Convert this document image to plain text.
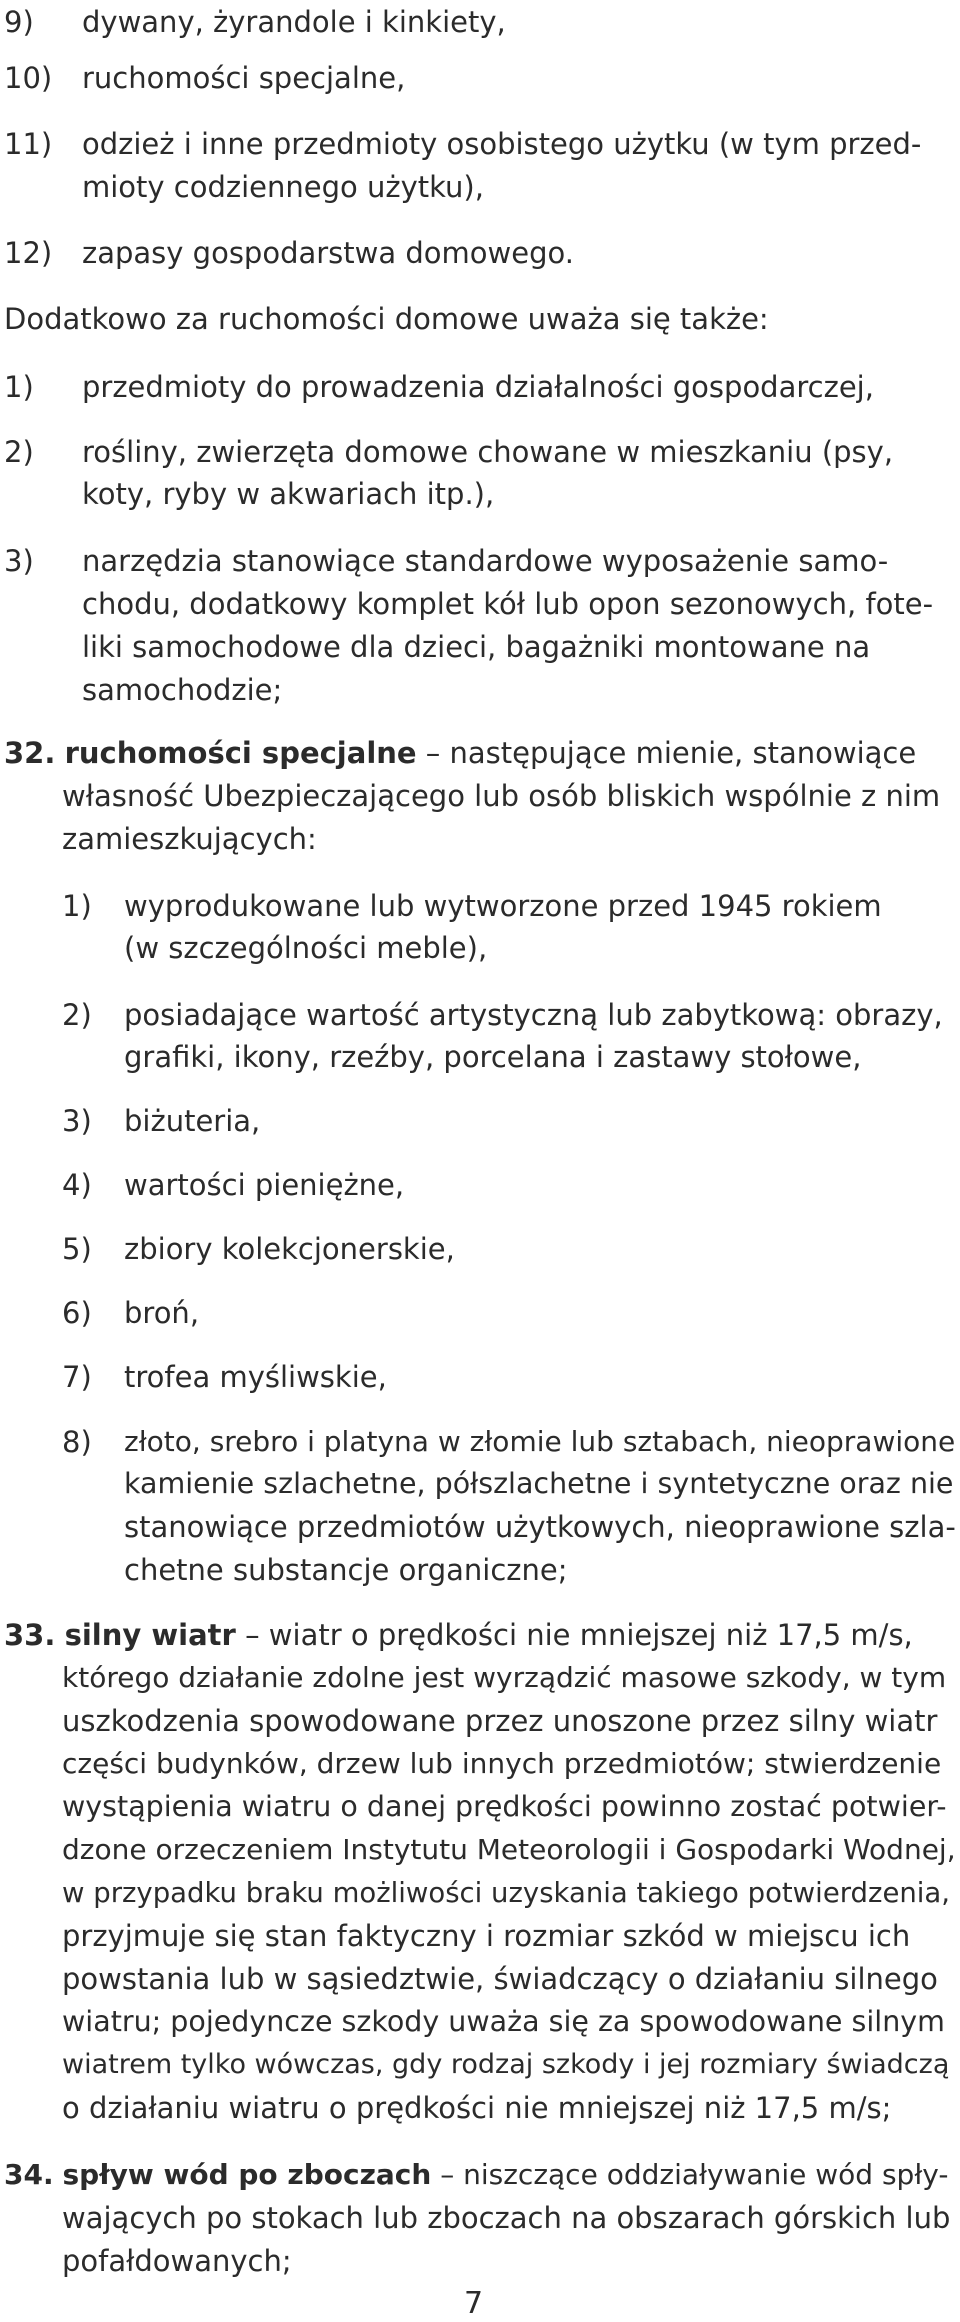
9) dywany, żyrandole i kinkiety,
10) ruchomości specjalne,
11) odzież i inne przedmioty osobistego użytku (w tym przed-
mioty codziennego użytku),
12) zapasy gospodarstwa domowego.
Dodatkowo za ruchomości domowe uważa się także:
1) przedmioty do prowadzenia działalności gospodarczej,
2) rośliny, zwierzęta domowe chowane w mieszkaniu (psy,
koty, ryby w akwariach itp.),
3) narzędzia stanowiące standardowe wyposażenie samo-
chodu, dodatkowy komplet kół lub opon sezonowych, fote-
liki samochodowe dla dzieci, bagażniki montowane na
samochodzie;
32. ruchomości specjalne – następujące mienie, stanowiące
własność Ubezpieczającego lub osób bliskich wspólnie z nim
zamieszkujących:
1) wyprodukowane lub wytworzone przed 1945 rokiem
(w szczególności meble),
2) posiadające wartość artystyczną lub zabytkową: obrazy,
grafiki, ikony, rzeźby, porcelana i zastawy stołowe,
3) biżuteria,
4) wartości pieniężne,
5) zbiory kolekcjonerskie,
6) broń,
7) trofea myśliwskie,
8) złoto, srebro i platyna w złomie lub sztabach, nieoprawione
kamienie szlachetne, półszlachetne i syntetyczne oraz nie
stanowiące przedmiotów użytkowych, nieoprawione szla-
chetne substancje organiczne;
33. silny wiatr – wiatr o prędkości nie mniejszej niż 17,5 m/s,
którego działanie zdolne jest wyrządzić masowe szkody, w tym
uszkodzenia spowodowane przez unoszone przez silny wiatr
części budynków, drzew lub innych przedmiotów; stwierdzenie
wystąpienia wiatru o danej prędkości powinno zostać potwier-
dzone orzeczeniem Instytutu Meteorologii i Gospodarki Wodnej,
w przypadku braku możliwości uzyskania takiego potwierdzenia,
przyjmuje się stan faktyczny i rozmiar szkód w miejscu ich
powstania lub w sąsiedztwie, świadczący o działaniu silnego
wiatru; pojedyncze szkody uważa się za spowodowane silnym
wiatrem tylko wówczas, gdy rodzaj szkody i jej rozmiary świadczą
o działaniu wiatru o prędkości nie mniejszej niż 17,5 m/s;
34. spływ wód po zboczach – niszczące oddziaływanie wód spły-
wających po stokach lub zboczach na obszarach górskich lub
pofałdowanych;
7
